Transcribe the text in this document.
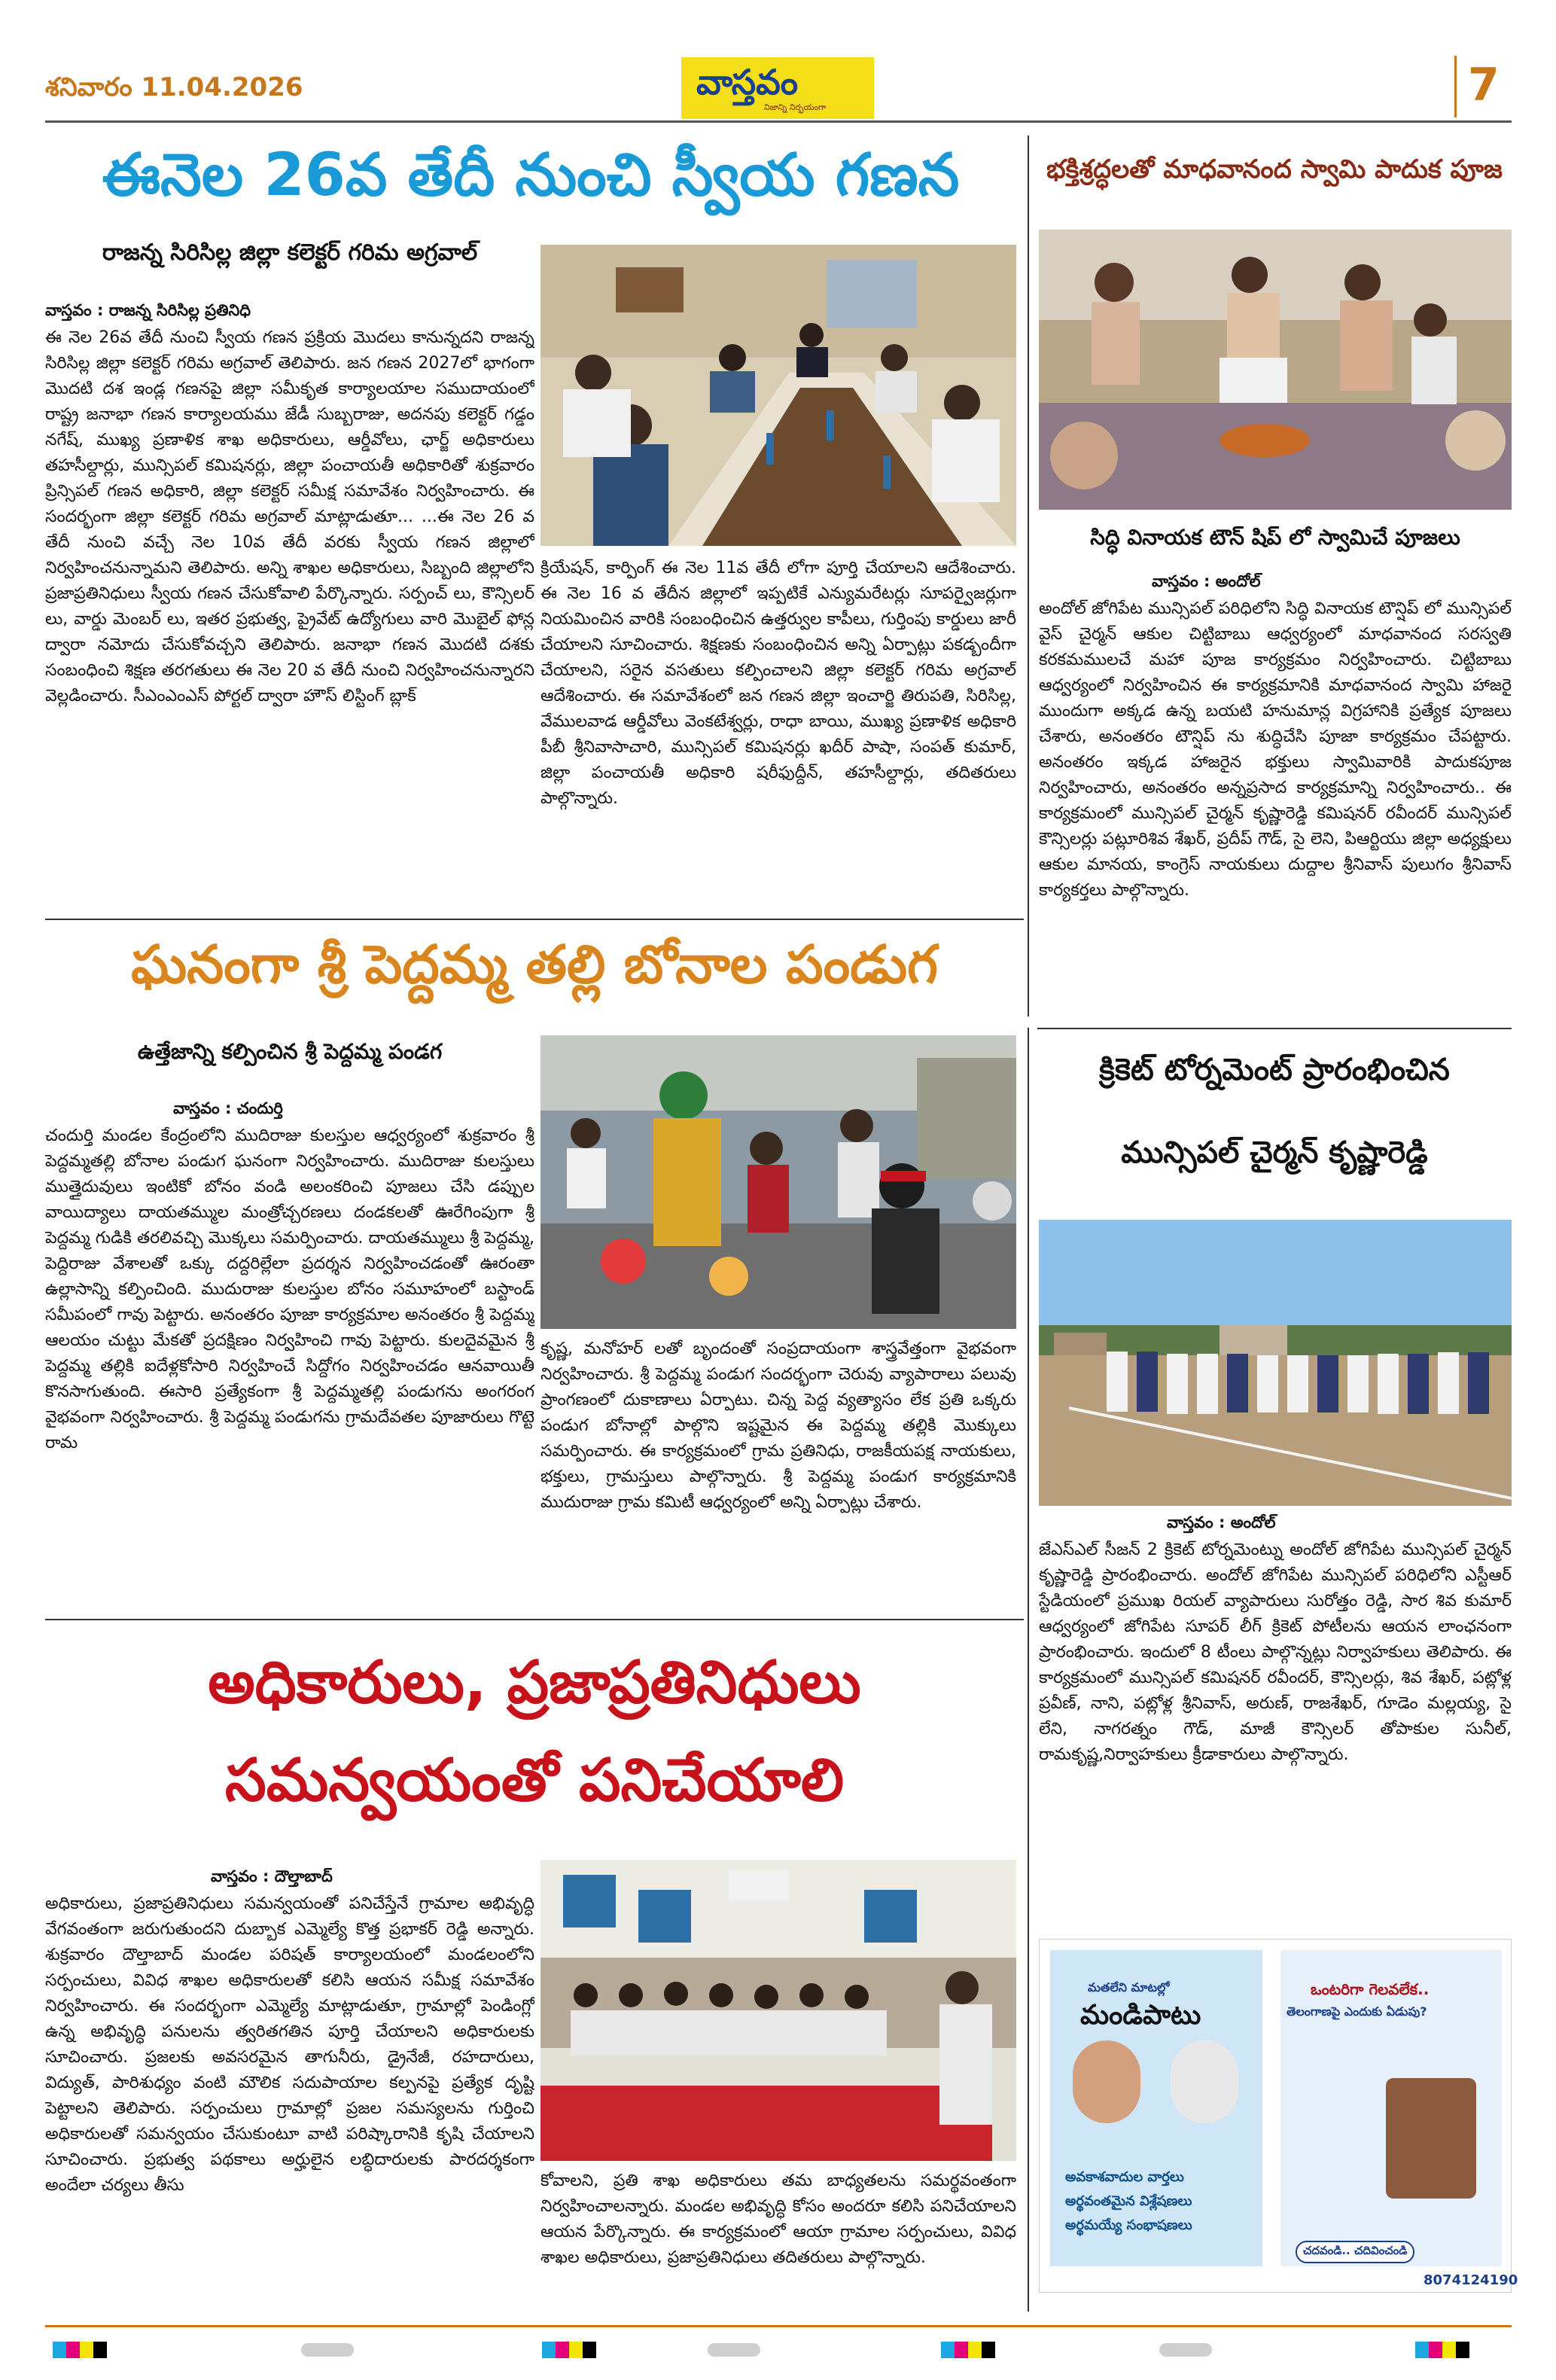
శనివారం 11.04.2026	వాస్తవం
నిజాన్ని నిర్భయంగా	7
ఈనెల 26వ తేదీ నుంచి స్వీయ గణన
రాజన్న సిరిసిల్ల జిల్లా కలెక్టర్ గరిమ అగ్రవాల్
వాస్తవం : రాజన్న సిరిసిల్ల ప్రతినిధి
ఈ నెల 26వ తేదీ నుంచి స్వీయ గణన ప్రక్రియ మొదలు కానున్నదని రాజన్న సిరిసిల్ల జిల్లా కలెక్టర్ గరిమ అగ్రవాల్ తెలిపారు. జన గణన 2027లో భాగంగా మొదటి దశ ఇండ్ల గణనపై జిల్లా సమీకృత కార్యాలయాల సముదాయంలో రాష్ట్ర జనాభా గణన కార్యాలయము జేడీ సుబ్బరాజు, అదనపు కలెక్టర్ గడ్డం నగేష్, ముఖ్య ప్రణాళిక శాఖ అధికారులు, ఆర్డీవోలు, ఛార్జ్ అధికారులు తహసీల్దార్లు, మున్సిపల్ కమిషనర్లు, జిల్లా పంచాయతీ అధికారితో శుక్రవారం ప్రిన్సిపల్ గణన అధికారి, జిల్లా కలెక్టర్ సమీక్ష సమావేశం నిర్వహించారు. ఈ సందర్భంగా జిల్లా కలెక్టర్ గరిమ అగ్రవాల్ మాట్లాడుతూ... ...ఈ నెల 26 వ తేదీ నుంచి వచ్చే నెల 10వ తేదీ వరకు స్వీయ గణన జిల్లాలో నిర్వహించనున్నామని తెలిపారు. అన్ని శాఖల అధికారులు, సిబ్బంది జిల్లాలోని ప్రజాప్రతినిధులు స్వీయ గణన చేసుకోవాలి పేర్కొన్నారు. సర్పంచ్ లు, కౌన్సిలర్ లు, వార్డు మెంబర్ లు, ఇతర ప్రభుత్వ, ప్రైవేట్ ఉద్యోగులు వారి మొబైల్ ఫోన్ల ద్వారా నమోదు చేసుకోవచ్చని తెలిపారు. జనాభా గణన మొదటి దశకు సంబంధించి శిక్షణ తరగతులు ఈ నెల 20 వ తేదీ నుంచి నిర్వహించనున్నారని వెల్లడించారు. సీఎంఎంఎస్ పోర్టల్ ద్వారా హౌస్ లిస్టింగ్ బ్లాక్
క్రియేషన్, కార్పింగ్ ఈ నెల 11వ తేదీ లోగా పూర్తి చేయాలని ఆదేశించారు. ఈ నెల 16 వ తేదీన జిల్లాలో ఇప్పటికే ఎన్యుమరేటర్లు సూపర్వైజర్లుగా నియమించిన వారికి సంబంధించిన ఉత్తర్వుల కాపీలు, గుర్తింపు కార్డులు జారీ చేయాలని సూచించారు. శిక్షణకు సంబంధించిన అన్ని ఏర్పాట్లు పకడ్బందీగా చేయాలని, సరైన వసతులు కల్పించాలని జిల్లా కలెక్టర్ గరిమ అగ్రవాల్ ఆదేశించారు. ఈ సమావేశంలో జన గణన జిల్లా ఇంచార్జి తిరుపతి, సిరిసిల్ల, వేములవాడ ఆర్డీవోలు వెంకటేశ్వర్లు, రాధా బాయి, ముఖ్య ప్రణాళిక అధికారి పీబీ శ్రీనివాసాచారి, మున్సిపల్ కమిషనర్లు ఖదీర్ పాషా, సంపత్ కుమార్, జిల్లా పంచాయతీ అధికారి షరీఫుద్దీన్, తహసీల్దార్లు, తదితరులు పాల్గొన్నారు.
భక్తిశ్రద్ధలతో మాధవానంద స్వామి పాదుక పూజ
సిద్ధి వినాయక టౌన్ షిప్ లో స్వామిచే పూజలు
వాస్తవం : అందోల్
అందోల్ జోగిపేట మున్సిపల్ పరిధిలోని సిద్ధి వినాయక టౌన్షిప్ లో మున్సిపల్ వైస్ చైర్మన్ ఆకుల చిట్టిబాబు ఆధ్వర్యంలో మాధవానంద సరస్వతి కరకమములచే మహా పూజ కార్యక్రమం నిర్వహించారు. చిట్టిబాబు ఆధ్వర్యంలో నిర్వహించిన ఈ కార్యక్రమానికి మాధవానంద స్వామి హాజరై ముందుగా అక్కడ ఉన్న బయటి హనుమాన్ల విగ్రహానికి ప్రత్యేక పూజలు చేశారు, అనంతరం టౌన్షిప్ ను శుద్ధిచేసి పూజా కార్యక్రమం చేపట్టారు. అనంతరం ఇక్కడ హాజరైన భక్తులు స్వామివారికి పాదుకపూజ నిర్వహించారు, అనంతరం అన్నప్రసాద కార్యక్రమాన్ని నిర్వహించారు.. ఈ కార్యక్రమంలో మున్సిపల్ చైర్మన్ కృష్ణారెడ్డి కమిషనర్ రవీందర్ మున్సిపల్ కౌన్సిలర్లు పట్లూరిశివ శేఖర్, ప్రదీప్ గౌడ్, సై లెని, పిఆర్టియు జిల్లా అధ్యక్షులు ఆకుల మానయ, కాంగ్రెస్ నాయకులు దుద్దాల శ్రీనివాస్ పులుగం శ్రీనివాస్ కార్యకర్తలు పాల్గొన్నారు.
ఘనంగా శ్రీ పెద్దమ్మ తల్లి బోనాల పండుగ
ఉత్తేజాన్ని కల్పించిన శ్రీ పెద్దమ్మ పండగ
వాస్తవం : చందుర్తి
చందుర్తి మండల కేంద్రంలోని ముదిరాజు కులస్తుల ఆధ్వర్యంలో శుక్రవారం శ్రీ పెద్దమ్మతల్లి బోనాల పండుగ ఘనంగా నిర్వహించారు. ముదిరాజు కులస్తులు ముత్తైదువులు ఇంటికో బోనం వండి అలంకరించి పూజలు చేసి డప్పుల వాయిద్యాలు దాయతమ్ముల మంత్రోచ్చరణలు దండకలతో ఊరేగింపుగా శ్రీ పెద్దమ్మ గుడికి తరలివచ్చి మొక్కలు సమర్పించారు. దాయతమ్ములు శ్రీ పెద్దమ్మ, పెద్దిరాజు వేశాలతో ఒక్కు దద్దరిల్లేలా ప్రదర్శన నిర్వహించడంతో ఊరంతా ఉల్లాసాన్ని కల్పించింది. ముదురాజు కులస్తుల బోనం సమూహంలో బస్టాండ్ సమీపంలో గావు పెట్టారు. అనంతరం పూజా కార్యక్రమాల అనంతరం శ్రీ పెద్దమ్మ ఆలయం చుట్టు మేకతో ప్రదక్షిణం నిర్వహించి గావు పెట్టారు. కులదైవమైన శ్రీ పెద్దమ్మ తల్లికి ఐదేళ్లకోసారి నిర్వహించే సిద్దోగం నిర్వహించడం ఆనవాయితీ కొనసాగుతుంది. ఈసారి ప్రత్యేకంగా శ్రీ పెద్దమ్మతల్లి పండుగను అంగరంగ వైభవంగా నిర్వహించారు. శ్రీ పెద్దమ్మ పండుగను గ్రామదేవతల పూజారులు గొట్టె రామ
కృష్ణ, మనోహర్ లతో బృందంతో సంప్రదాయంగా శాస్త్రవేత్తంగా వైభవంగా నిర్వహించారు. శ్రీ పెద్దమ్మ పండుగ సందర్భంగా చెరువు వ్యాపారాలు పలువు ప్రాంగణంలో దుకాణాలు ఏర్పాటు. చిన్న పెద్ద వ్యత్యాసం లేక ప్రతి ఒక్కరు పండుగ బోనాల్లో పాల్గొని ఇష్టమైన ఈ పెద్దమ్మ తల్లికి మొక్కులు సమర్పించారు. ఈ కార్యక్రమంలో గ్రామ ప్రతినిధు, రాజకీయపక్ష నాయకులు, భక్తులు, గ్రామస్తులు పాల్గొన్నారు. శ్రీ పెద్దమ్మ పండుగ కార్యక్రమానికి ముదురాజు గ్రామ కమిటీ ఆధ్వర్యంలో అన్ని ఏర్పాట్లు చేశారు.
క్రికెట్ టోర్నమెంట్ ప్రారంభించిన
మున్సిపల్ చైర్మన్ కృష్ణారెడ్డి
వాస్తవం : అందోల్
జేఎస్ఎల్ సీజన్ 2 క్రికెట్ టోర్నమెంట్ను అందోల్ జోగిపేట మున్సిపల్ చైర్మన్ కృష్ణారెడ్డి ప్రారంభించారు. అందోల్ జోగిపేట మున్సిపల్ పరిధిలోని ఎస్టీఆర్ స్టేడియంలో ప్రముఖ రియల్ వ్యాపారులు సురోత్తం రెడ్డి, సార శివ కుమార్ ఆధ్వర్యంలో జోగిపేట సూపర్ లీగ్ క్రికెట్ పోటీలను ఆయన లాంఛనంగా ప్రారంభించారు. ఇందులో 8 టీంలు పాల్గొన్నట్లు నిర్వాహకులు తెలిపారు. ఈ కార్యక్రమంలో మున్సిపల్ కమిషనర్ రవీందర్, కౌన్సిలర్లు, శివ శేఖర్, పట్లోళ్ల ప్రవీణ్, నాని, పట్లోళ్ల శ్రీనివాస్, అరుణ్, రాజశేఖర్, గూడెం మల్లయ్య, సై లేని, నాగరత్నం గౌడ్, మాజీ కౌన్సిలర్ తోపాకుల సునీల్, రామకృష్ణ,నిర్వాహకులు క్రీడాకారులు పాల్గొన్నారు.
మతలేని మాటల్లో
మండిపాటు
ఒంటరిగా గెలవలేక..
తెలంగాణపై ఎందుకు ఏడుపు?
అవకాశవాదుల వార్తలు
అర్థవంతమైన విశ్లేషణలు
అర్థమయ్యే సంభాషణలు
చదవండి.. చదివించండి
8074124190
అధికారులు, ప్రజాప్రతినిధులు
సమన్వయంతో పనిచేయాలి
వాస్తవం : దౌల్తాబాద్
అధికారులు, ప్రజాప్రతినిధులు సమన్వయంతో పనిచేస్తేనే గ్రామాల అభివృద్ధి వేగవంతంగా జరుగుతుందని దుబ్బాక ఎమ్మెల్యే కొత్త ప్రభాకర్ రెడ్డి అన్నారు. శుక్రవారం దౌల్తాబాద్ మండల పరిషత్ కార్యాలయంలో మండలంలోని సర్పంచులు, వివిధ శాఖల అధికారులతో కలిసి ఆయన సమీక్ష సమావేశం నిర్వహించారు. ఈ సందర్భంగా ఎమ్మెల్యే మాట్లాడుతూ, గ్రామాల్లో పెండింగ్లో ఉన్న అభివృద్ధి పనులను త్వరితగతిన పూర్తి చేయాలని అధికారులకు సూచించారు. ప్రజలకు అవసరమైన తాగునీరు, డ్రైనేజీ, రహదారులు, విద్యుత్, పారిశుధ్యం వంటి మౌలిక సదుపాయాల కల్పనపై ప్రత్యేక దృష్టి పెట్టాలని తెలిపారు. సర్పంచులు గ్రామాల్లో ప్రజల సమస్యలను గుర్తించి అధికారులతో సమన్వయం చేసుకుంటూ వాటి పరిష్కారానికి కృషి చేయాలని సూచించారు. ప్రభుత్వ పథకాలు అర్హులైన లబ్ధిదారులకు పారదర్శకంగా అందేలా చర్యలు తీసు	కోవాలని, ప్రతి శాఖ అధికారులు తమ బాధ్యతలను సమర్థవంతంగా నిర్వహించాలన్నారు. మండల అభివృద్ధి కోసం అందరూ కలిసి పనిచేయాలని ఆయన పేర్కొన్నారు. ఈ కార్యక్రమంలో ఆయా గ్రామాల సర్పంచులు, వివిధ శాఖల అధికారులు, ప్రజాప్రతినిధులు తదితరులు పాల్గొన్నారు.
